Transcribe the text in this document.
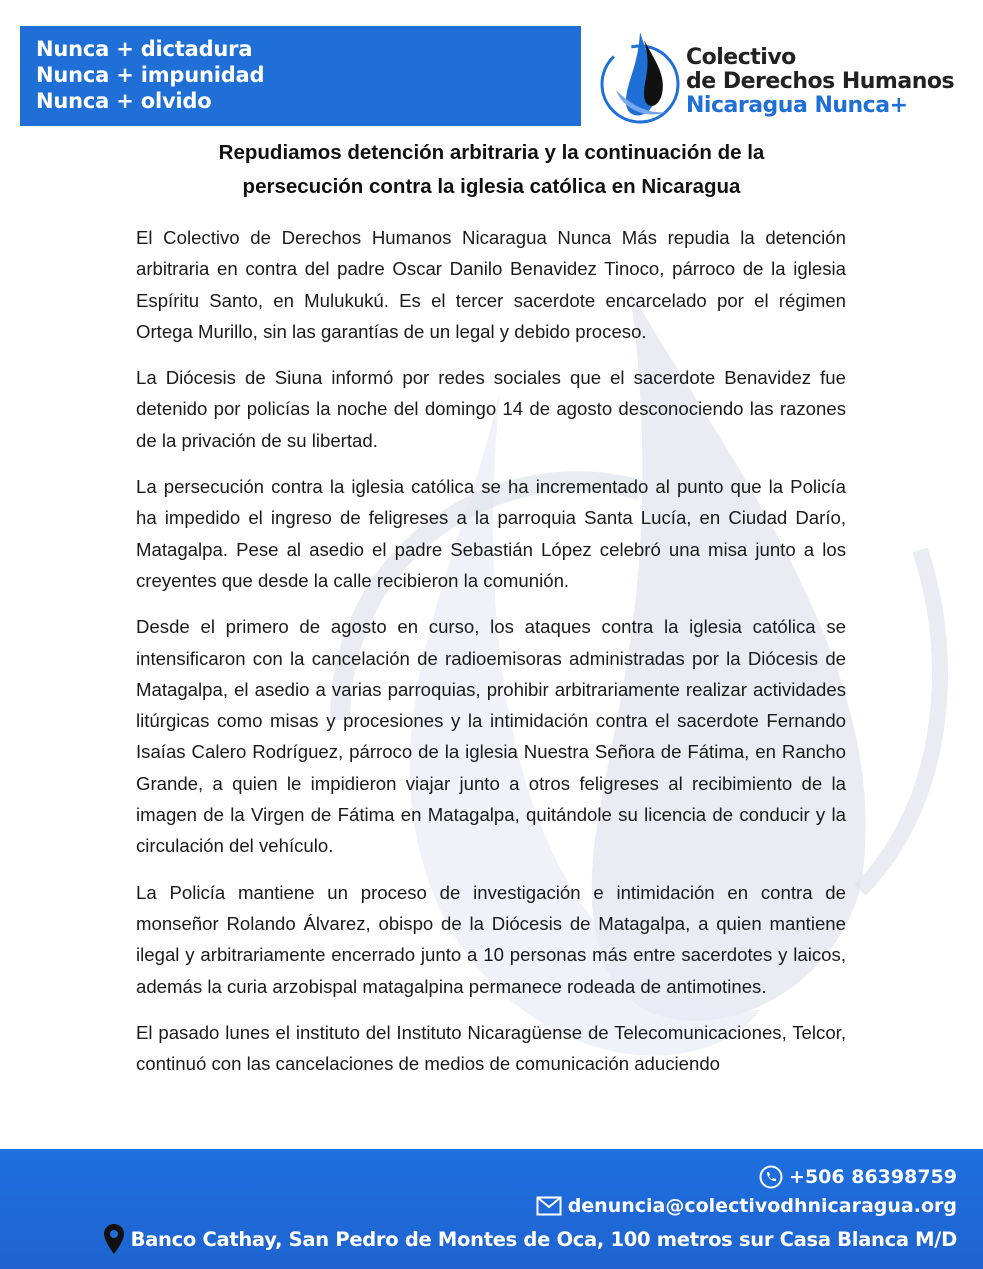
Nunca + dictadura
Nunca + impunidad
Nunca + olvido
Colectivo
de Derechos Humanos
Nicaragua Nunca+
Repudiamos detención arbitraria y la continuación de la
persecución contra la iglesia católica en Nicaragua

El Colectivo de Derechos Humanos Nicaragua Nunca Más repudia la detención arbitraria en contra del padre Oscar Danilo Benavidez Tinoco, párroco de la iglesia Espíritu Santo, en Mulukukú. Es el tercer sacerdote encarcelado por el régimen Ortega Murillo, sin las garantías de un legal y debido proceso.

La Diócesis de Siuna informó por redes sociales que el sacerdote Benavidez fue detenido por policías la noche del domingo 14 de agosto desconociendo las razones de la privación de su libertad.

La persecución contra la iglesia católica se ha incrementado al punto que la Policía ha impedido el ingreso de feligreses a la parroquia Santa Lucía, en Ciudad Darío, Matagalpa. Pese al asedio el padre Sebastián López celebró una misa junto a los creyentes que desde la calle recibieron la comunión.

Desde el primero de agosto en curso, los ataques contra la iglesia católica se intensificaron con la cancelación de radioemisoras administradas por la Diócesis de Matagalpa, el asedio a varias parroquias, prohibir arbitrariamente realizar actividades litúrgicas como misas y procesiones y la intimidación contra el sacerdote Fernando Isaías Calero Rodríguez, párroco de la iglesia Nuestra Señora de Fátima, en Rancho Grande, a quien le impidieron viajar junto a otros feligreses al recibimiento de la imagen de la Virgen de Fátima en Matagalpa, quitándole su licencia de conducir y la circulación del vehículo.

La Policía mantiene un proceso de investigación e intimidación en contra de monseñor Rolando Álvarez, obispo de la Diócesis de Matagalpa, a quien mantiene ilegal y arbitrariamente encerrado junto a 10 personas más entre sacerdotes y laicos, además la curia arzobispal matagalpina permanece rodeada de antimotines.

El pasado lunes el instituto del Instituto Nicaragüense de Telecomunicaciones, Telcor, continuó con las cancelaciones de medios de comunicación aduciendo

+506 86398759
denuncia@colectivodhnicaragua.org
Banco Cathay, San Pedro de Montes de Oca, 100 metros sur Casa Blanca M/D
